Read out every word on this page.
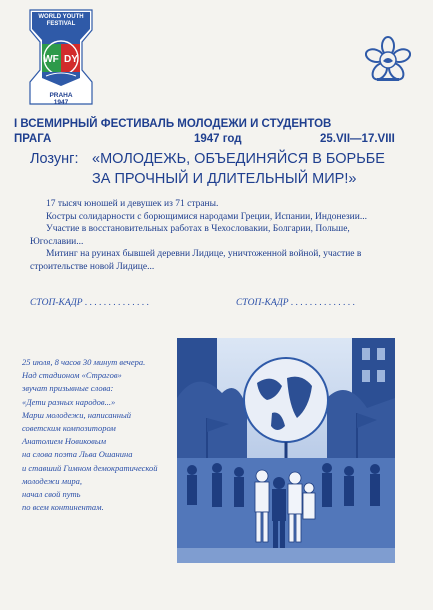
WF DY
WORLD YOUTH
FESTIVAL
PRAHA
1947
I ВСЕМИРНЫЙ ФЕСТИВАЛЬ МОЛОДЕЖИ И СТУДЕНТОВ
ПРАГА	1947 год	25.VII—17.VIII
Лозунг: «МОЛОДЕЖЬ, ОБЪЕДИНЯЙСЯ В БОРЬБЕ
ЗА ПРОЧНЫЙ И ДЛИТЕЛЬНЫЙ МИР!»

17 тысяч юношей и девушек из 71 страны.

Костры солидарности с борющимися народами Греции, Испании, Индонезии...

Участие в восстановительных работах в Чехословакии, Болгарии, Польше, Югославии...

Митинг на руинах бывшей деревни Лидице, уничтоженной войной, участие в строительстве новой Лидице...

СТОП-КАДР . . . . . . . . . . . . . .	СТОП-КАДР . . . . . . . . . . . . . .
25 июля, 8 часов 30 минут вечера.
Над стадионом «Страгов»
звучат призывные слова:
«Дети разных народов...»
Марш молодежи, написанный
советским композитором
Анатолием Новиковым
на слова поэта Льва Ошанина
и ставший Гимном демократической
молодежи мира,
начал свой путь
по всем континентам.
